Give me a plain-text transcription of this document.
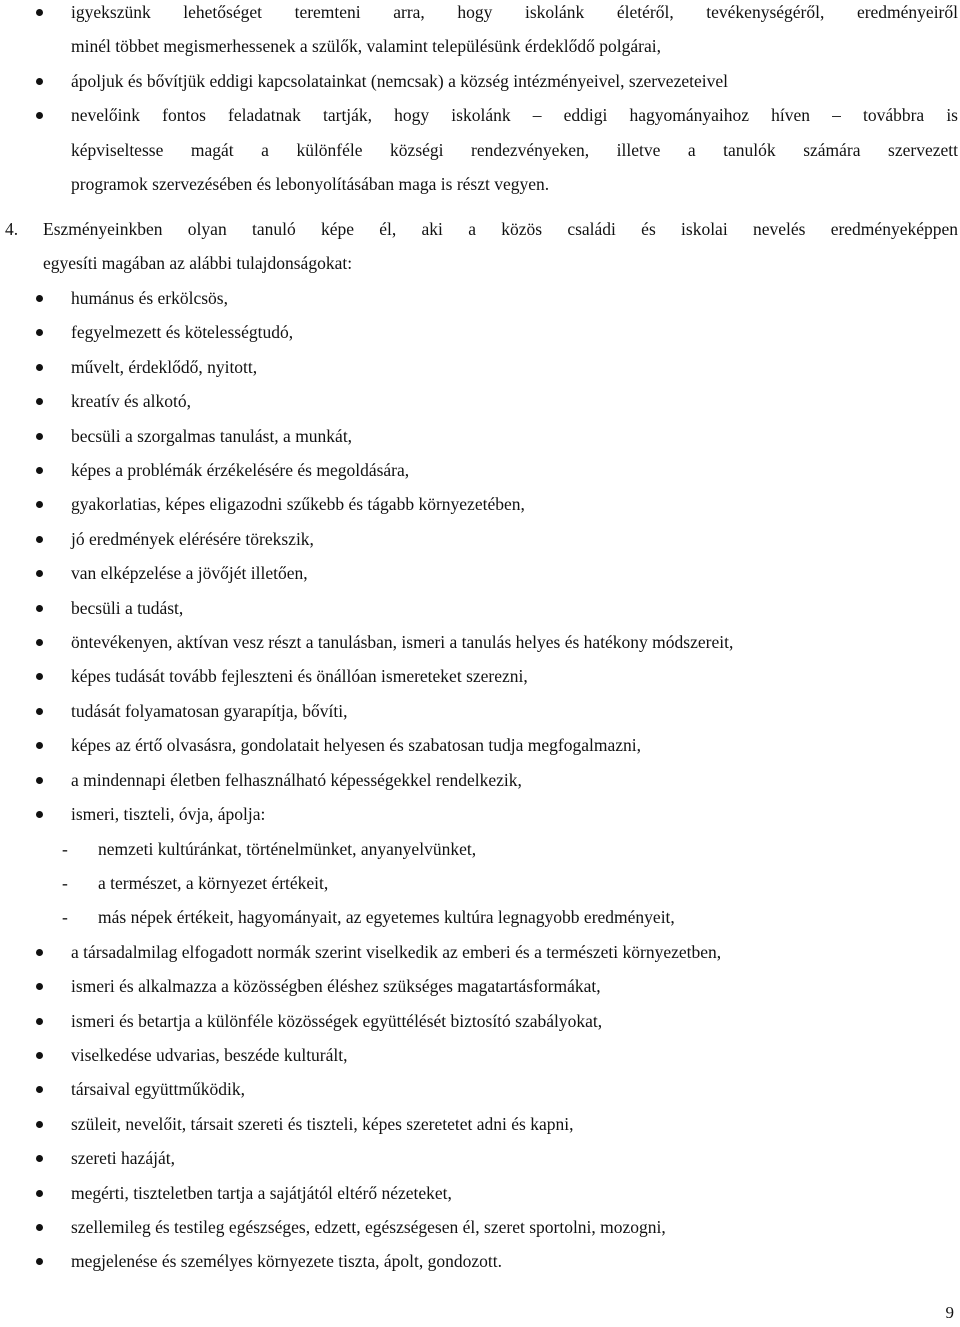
igyekszünk lehetőséget teremteni arra, hogy iskolánk életéről, tevékenységéről, eredményeiről
minél többet megismerhessenek a szülők, valamint településünk érdeklődő polgárai,
ápoljuk és bővítjük eddigi kapcsolatainkat (nemcsak) a község intézményeivel, szervezeteivel
nevelőink fontos feladatnak tartják, hogy iskolánk – eddigi hagyományaihoz híven – továbbra is
képviseltesse magát a különféle községi rendezvényeken, illetve a tanulók számára szervezett
programok szervezésében és lebonyolításában maga is részt vegyen.
4. Eszményeinkben olyan tanuló képe él, aki a közös családi és iskolai nevelés eredményeképpen
egyesíti magában az alábbi tulajdonságokat:
humánus és erkölcsös,
fegyelmezett és kötelességtudó,
művelt, érdeklődő, nyitott,
kreatív és alkotó,
becsüli a szorgalmas tanulást, a munkát,
képes a problémák érzékelésére és megoldására,
gyakorlatias, képes eligazodni szűkebb és tágabb környezetében,
jó eredmények elérésére törekszik,
van elképzelése a jövőjét illetően,
becsüli a tudást,
öntevékenyen, aktívan vesz részt a tanulásban, ismeri a tanulás helyes és hatékony módszereit,
képes tudását tovább fejleszteni és önállóan ismereteket szerezni,
tudását folyamatosan gyarapítja, bővíti,
képes az értő olvasásra, gondolatait helyesen és szabatosan tudja megfogalmazni,
a mindennapi életben felhasználható képességekkel rendelkezik,
ismeri, tiszteli, óvja, ápolja:
- nemzeti kultúránkat, történelmünket, anyanyelvünket,
- a természet, a környezet értékeit,
- más népek értékeit, hagyományait, az egyetemes kultúra legnagyobb eredményeit,
a társadalmilag elfogadott normák szerint viselkedik az emberi és a természeti környezetben,
ismeri és alkalmazza a közösségben éléshez szükséges magatartásformákat,
ismeri és betartja a különféle közösségek együttélését biztosító szabályokat,
viselkedése udvarias, beszéde kulturált,
társaival együttműködik,
szüleit, nevelőit, társait szereti és tiszteli, képes szeretetet adni és kapni,
szereti hazáját,
megérti, tiszteletben tartja a sajátjától eltérő nézeteket,
szellemileg és testileg egészséges, edzett, egészségesen él, szeret sportolni, mozogni,
megjelenése és személyes környezete tiszta, ápolt, gondozott.
9
